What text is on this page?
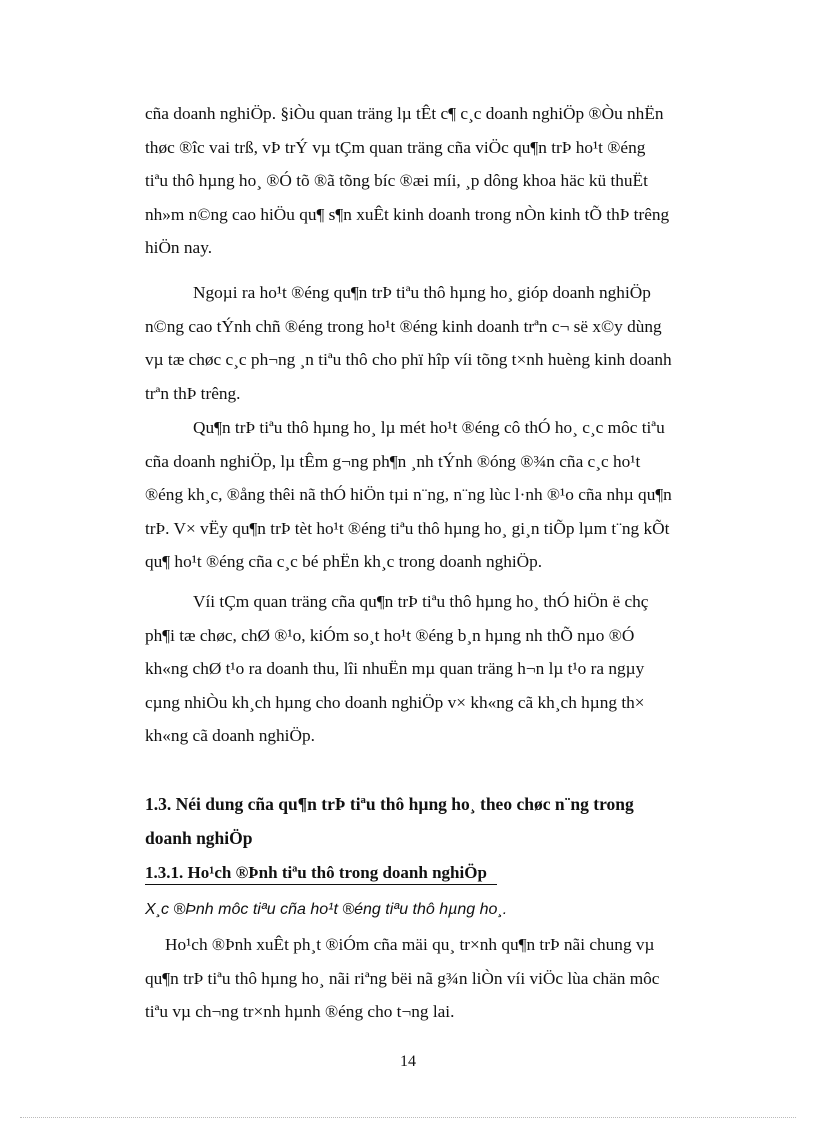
cña doanh nghiÖp. §iÒu quan träng lµ tÊt c¶ c¸c doanh nghiÖp ®Òu nhËn
thøc ®îc vai trß, vÞ trÝ vµ tÇm quan träng cña viÖc qu¶n trÞ ho¹t ®éng
tiªu thô hµng ho¸ ®Ó tõ ®ã tõng bíc ®æi míi, ¸p dông khoa häc kü thuËt
nh»m n©ng cao hiÖu qu¶ s¶n xuÊt kinh doanh trong nÒn kinh tÕ thÞ trêng
hiÖn nay.
Ngoµi ra ho¹t ®éng qu¶n trÞ tiªu thô hµng ho¸ gióp doanh nghiÖp
n©ng cao tÝnh chñ ®éng trong ho¹t ®éng kinh doanh trªn c¬ së x©y dùng
vµ tæ chøc c¸c ph¬ng ¸n tiªu thô cho phï hîp víi tõng t×nh huèng kinh doanh
trªn thÞ trêng.
Qu¶n trÞ tiªu thô hµng ho¸ lµ mét ho¹t ®éng cô thÓ ho¸ c¸c môc tiªu
cña doanh nghiÖp, lµ tÊm g¬ng ph¶n ¸nh tÝnh ®óng ®¾n cña c¸c ho¹t
®éng kh¸c, ®ång thêi nã thÓ hiÖn tµi n¨ng, n¨ng lùc l·nh ®¹o cña nhµ qu¶n
trÞ. V× vËy qu¶n trÞ tèt ho¹t ®éng tiªu thô hµng ho¸ gi¸n tiÕp lµm t¨ng kÕt
qu¶ ho¹t ®éng cña c¸c bé phËn kh¸c trong doanh nghiÖp.
Víi tÇm quan träng cña qu¶n trÞ tiªu thô hµng ho¸ thÓ hiÖn ë chç
ph¶i tæ chøc, chØ ®¹o, kiÓm so¸t ho¹t ®éng b¸n hµng nh thÕ nµo ®Ó
kh«ng chØ t¹o ra doanh thu, lîi nhuËn mµ quan träng h¬n lµ t¹o ra ngµy
cµng nhiÒu kh¸ch hµng cho doanh nghiÖp v× kh«ng cã kh¸ch hµng th×
kh«ng cã doanh nghiÖp.
1.3. Néi dung cña qu¶n trÞ tiªu thô hµng ho¸ theo chøc n¨ng trong
doanh nghiÖp
1.3.1. Ho¹ch ®Þnh tiªu thô trong doanh nghiÖp
X¸c ®Þnh môc tiªu cña ho¹t ®éng tiªu thô hµng ho¸.
Ho¹ch ®Þnh xuÊt ph¸t ®iÓm cña mäi qu¸ tr×nh qu¶n trÞ nãi chung vµ
qu¶n trÞ tiªu thô hµng ho¸ nãi riªng bëi nã g¾n liÒn víi viÖc lùa chän môc
tiªu vµ ch¬ng tr×nh hµnh ®éng cho t¬ng lai.
14
